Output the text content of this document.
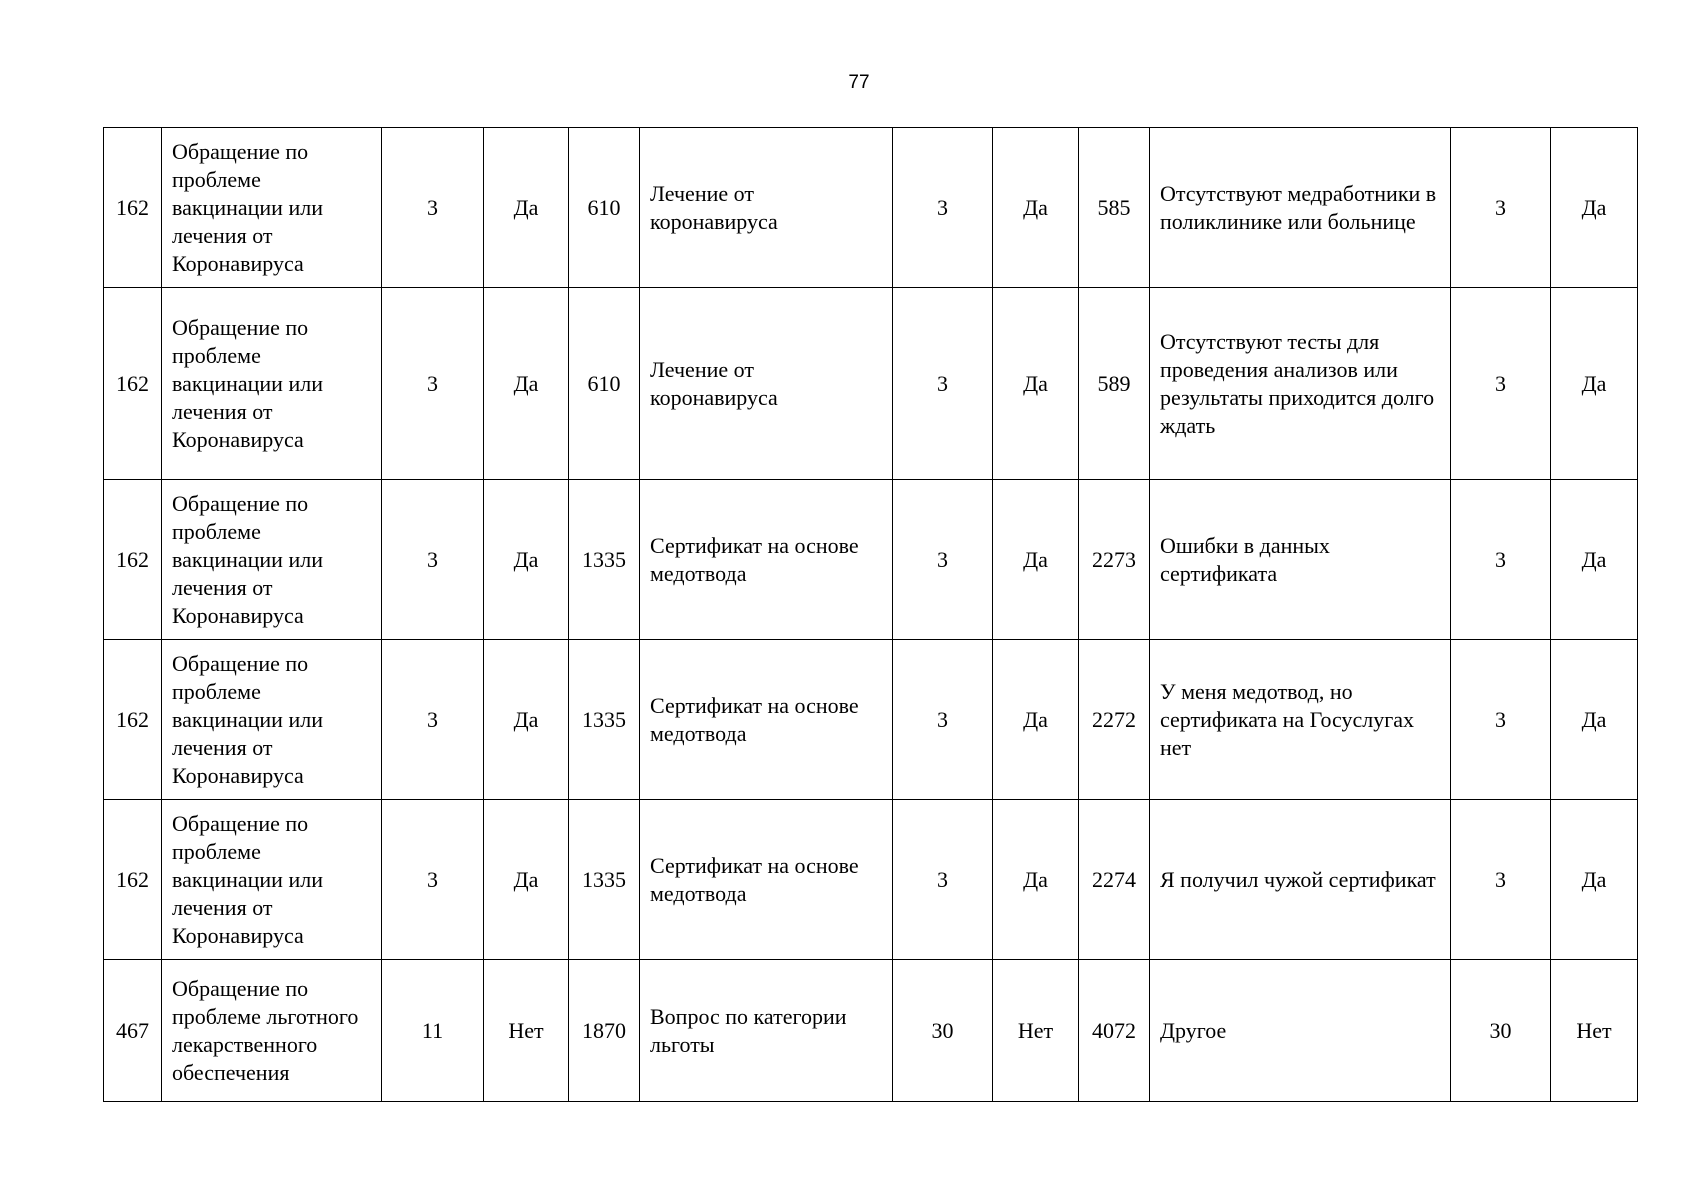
77
162	Обращение по проблеме вакцинации или лечения от Коронавируса	3	Да	610	Лечение от коронавируса	3	Да	585	Отсутствуют медработники в поликлинике или больнице	3	Да
162	Обращение по проблеме вакцинации или лечения от Коронавируса	3	Да	610	Лечение от коронавируса	3	Да	589	Отсутствуют тесты для проведения анализов или результаты приходится долго ждать	3	Да
162	Обращение по проблеме вакцинации или лечения от Коронавируса	3	Да	1335	Сертификат на основе медотвода	3	Да	2273	Ошибки в данных сертификата	3	Да
162	Обращение по проблеме вакцинации или лечения от Коронавируса	3	Да	1335	Сертификат на основе медотвода	3	Да	2272	У меня медотвод, но сертификата на Госуслугах нет	3	Да
162	Обращение по проблеме вакцинации или лечения от Коронавируса	3	Да	1335	Сертификат на основе медотвода	3	Да	2274	Я получил чужой сертификат	3	Да
467	Обращение по проблеме льготного лекарственного обеспечения	11	Нет	1870	Вопрос по категории льготы	30	Нет	4072	Другое	30	Нет
